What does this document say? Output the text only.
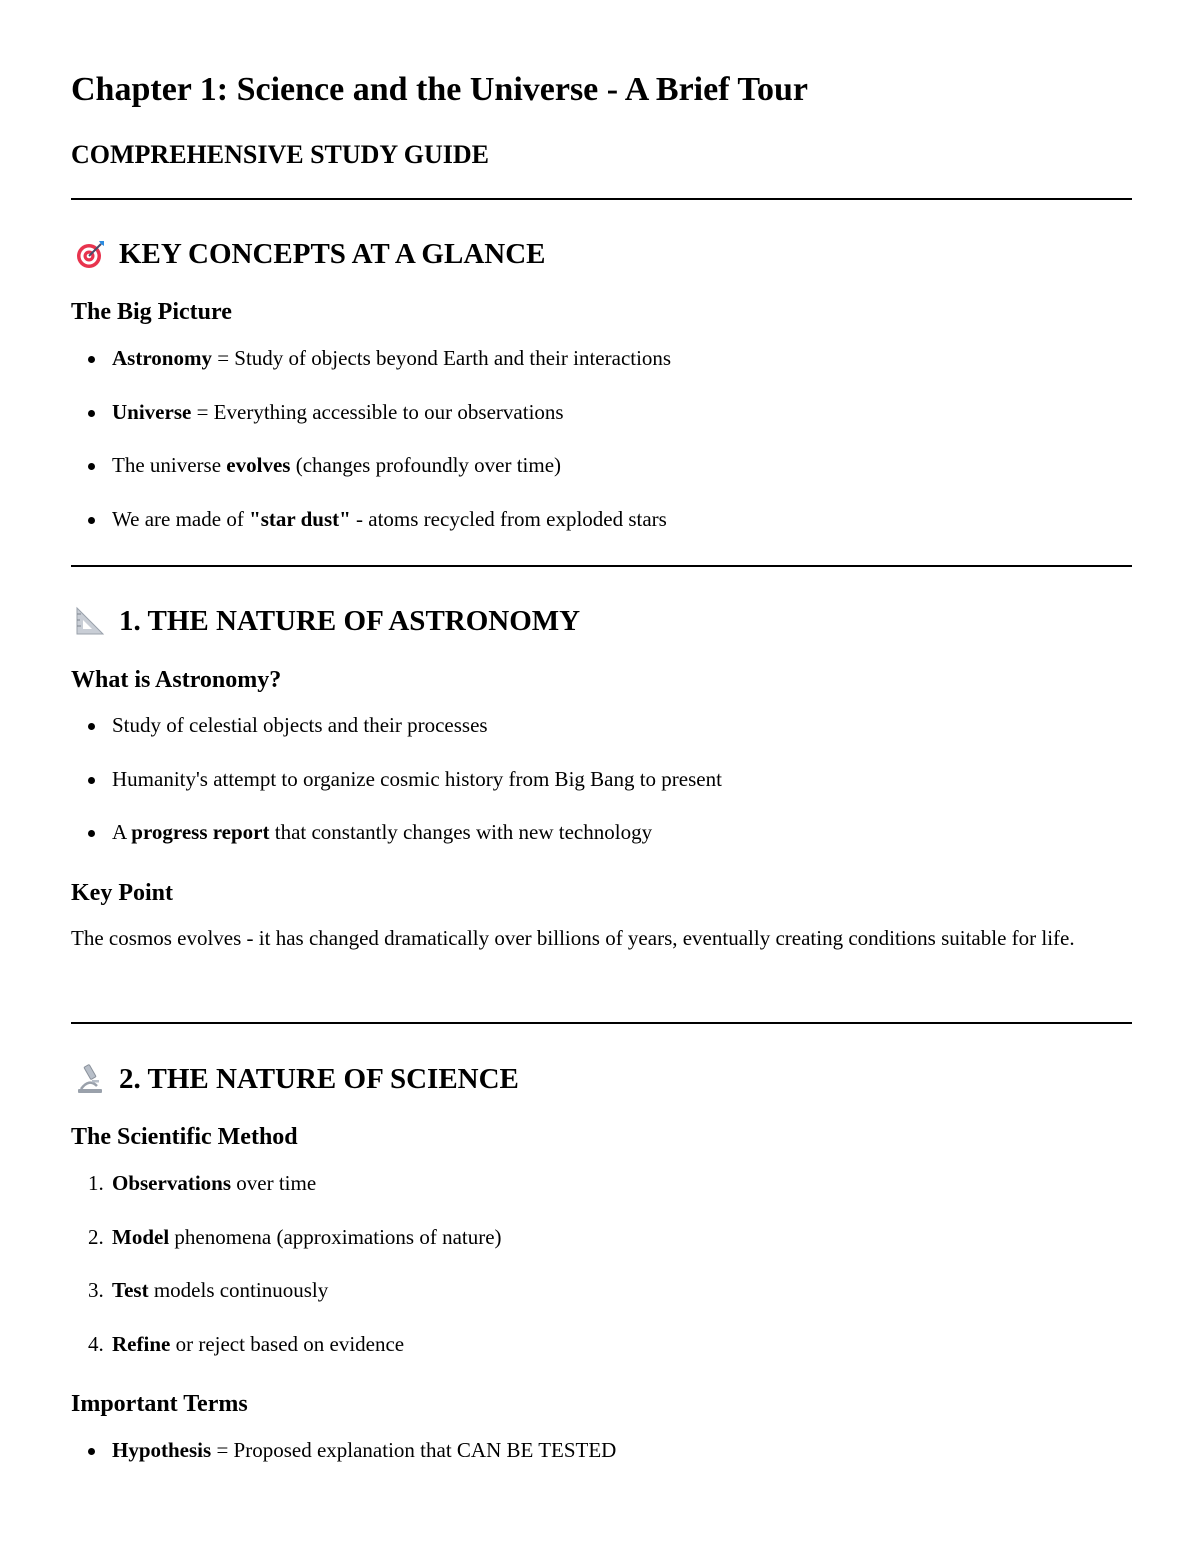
Chapter 1: Science and the Universe - A Brief Tour
COMPREHENSIVE STUDY GUIDE
KEY CONCEPTS AT A GLANCE
The Big Picture
Astronomy = Study of objects beyond Earth and their interactions
Universe = Everything accessible to our observations
The universe evolves (changes profoundly over time)
We are made of "star dust" - atoms recycled from exploded stars
1. THE NATURE OF ASTRONOMY
What is Astronomy?
Study of celestial objects and their processes
Humanity's attempt to organize cosmic history from Big Bang to present
A progress report that constantly changes with new technology
Key Point
The cosmos evolves - it has changed dramatically over billions of years, eventually creating conditions suitable for life.
2. THE NATURE OF SCIENCE
The Scientific Method
1. Observations over time
2. Model phenomena (approximations of nature)
3. Test models continuously
4. Refine or reject based on evidence
Important Terms
Hypothesis = Proposed explanation that CAN BE TESTED
